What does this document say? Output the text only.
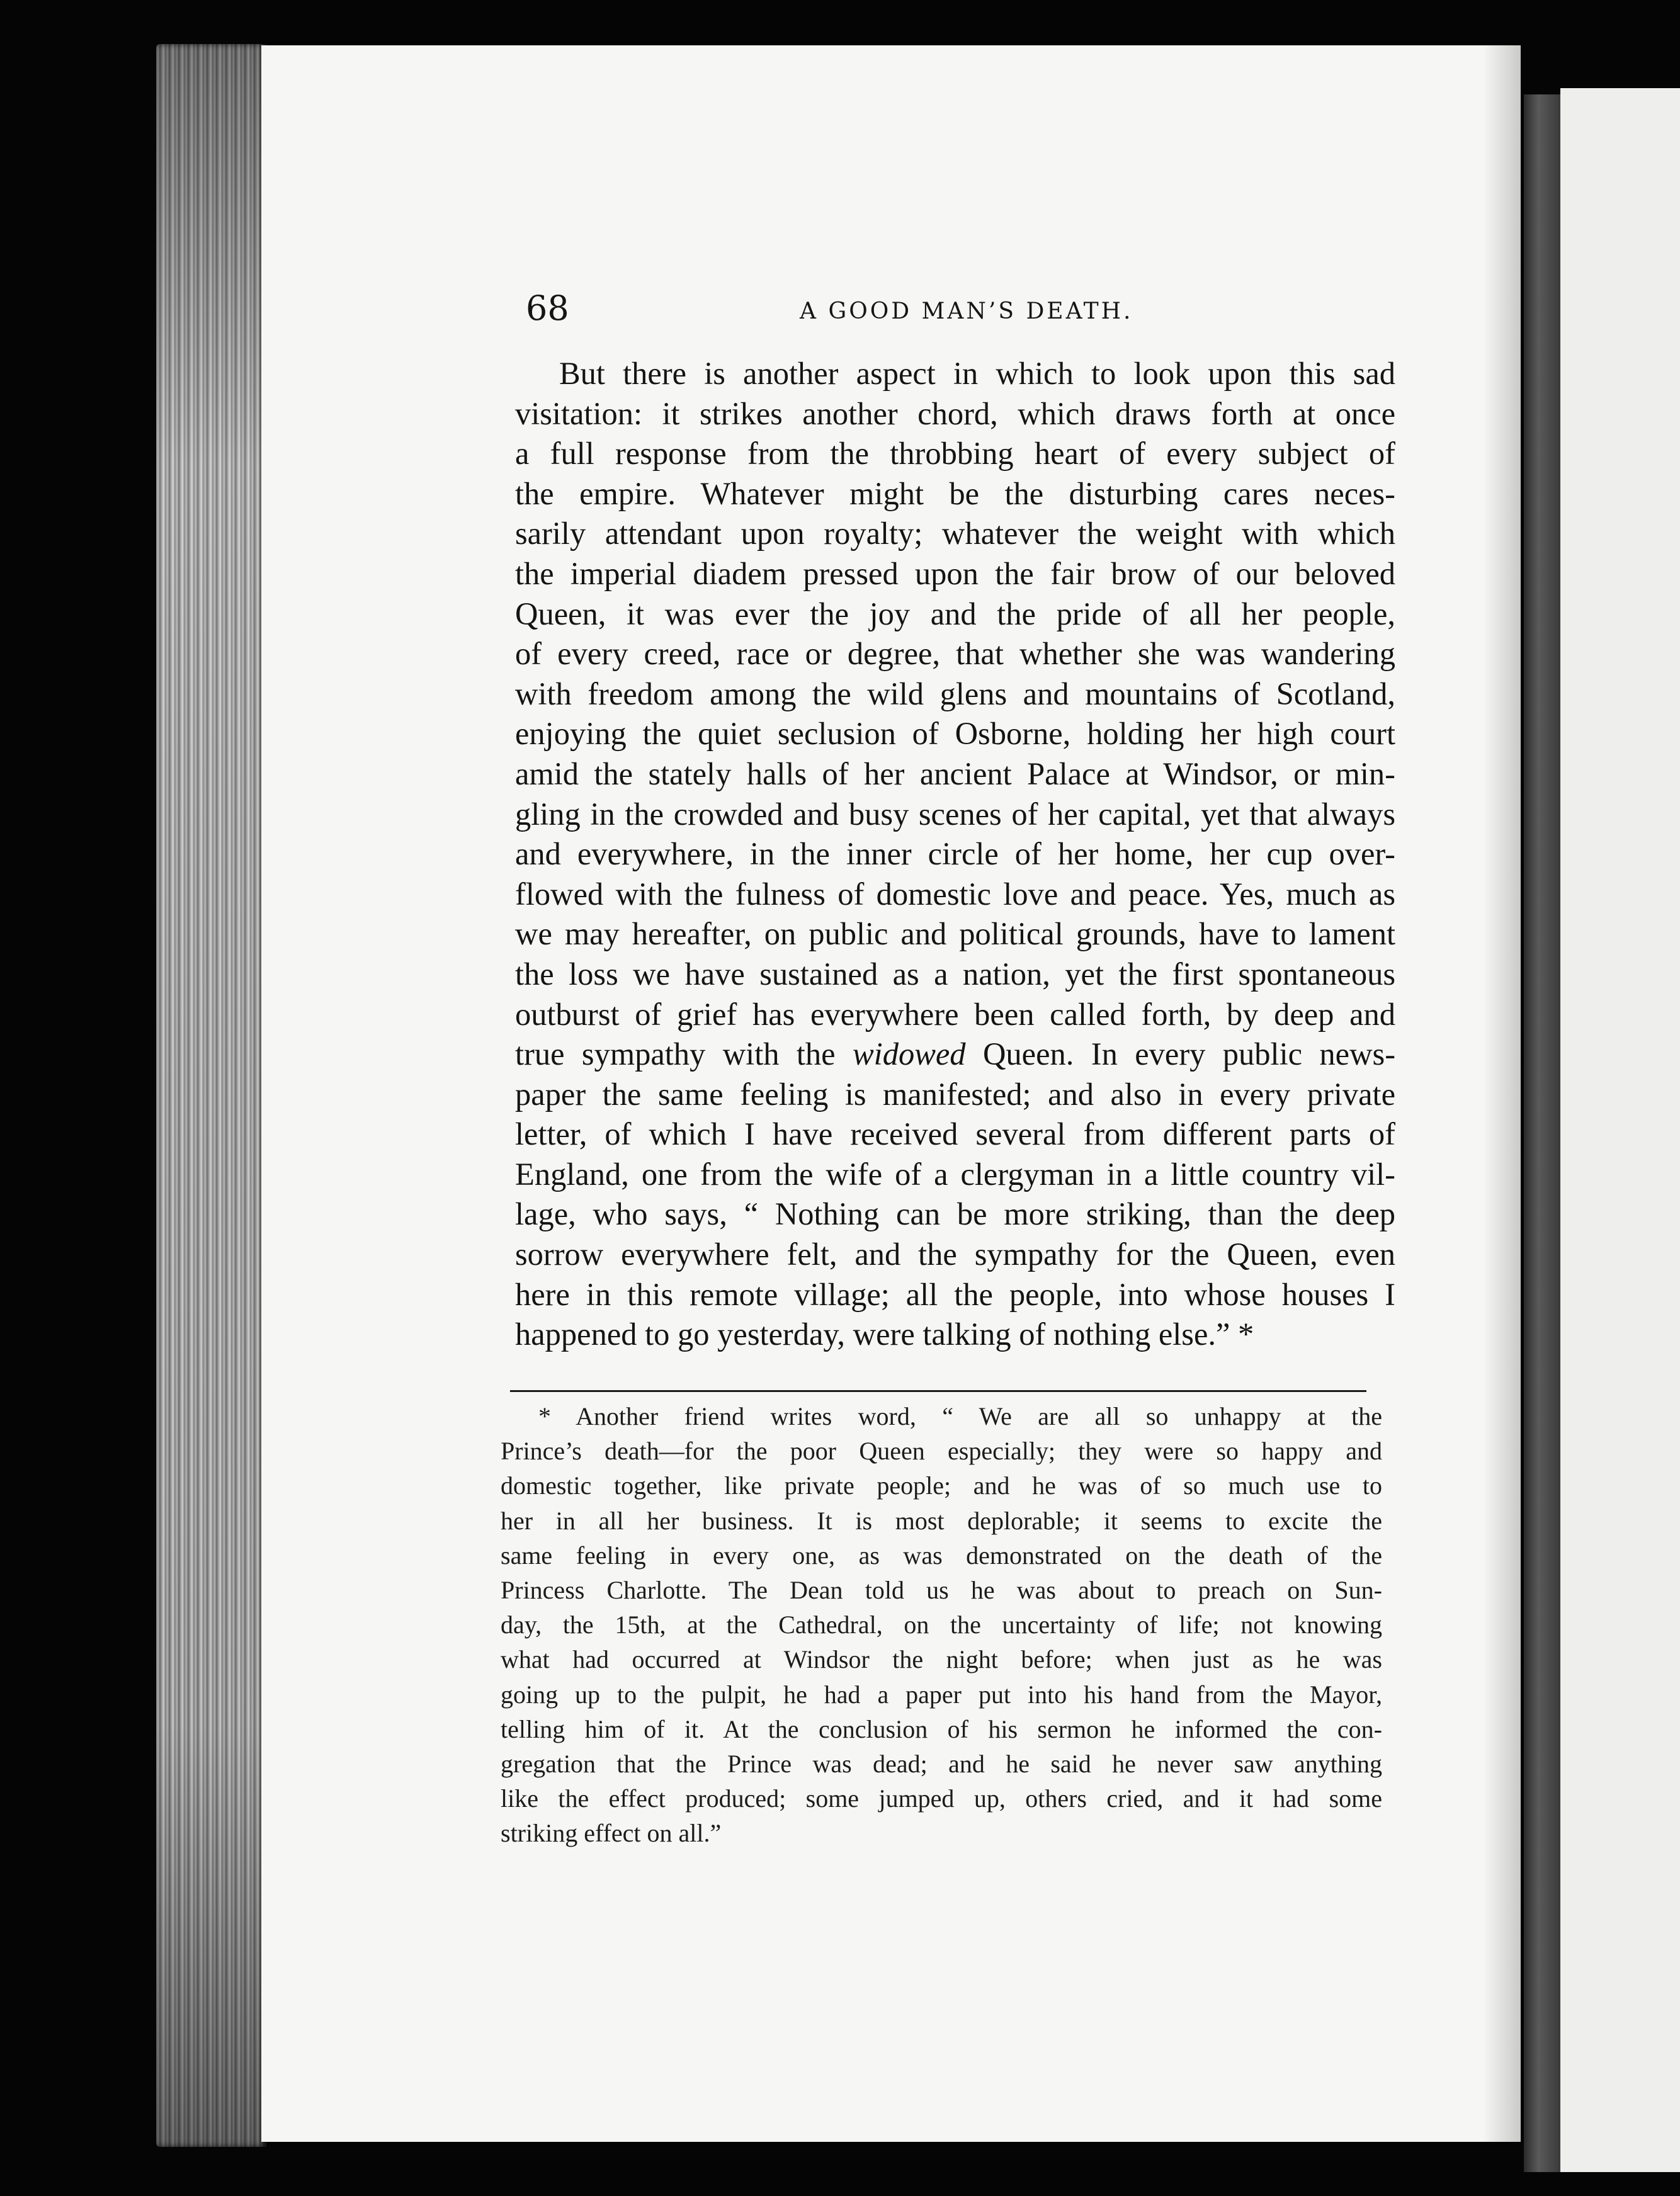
68	A GOOD MAN’S DEATH.
But there is another aspect in which to look upon this sad
visitation: it strikes another chord, which draws forth at once
a full response from the throbbing heart of every subject of
the empire. Whatever might be the disturbing cares neces-
sarily attendant upon royalty; whatever the weight with which
the imperial diadem pressed upon the fair brow of our beloved
Queen, it was ever the joy and the pride of all her people,
of every creed, race or degree, that whether she was wandering
with freedom among the wild glens and mountains of Scotland,
enjoying the quiet seclusion of Osborne, holding her high court
amid the stately halls of her ancient Palace at Windsor, or min-
gling in the crowded and busy scenes of her capital, yet that always
and everywhere, in the inner circle of her home, her cup over-
flowed with the fulness of domestic love and peace. Yes, much as
we may hereafter, on public and political grounds, have to lament
the loss we have sustained as a nation, yet the first spontaneous
outburst of grief has everywhere been called forth, by deep and
true sympathy with the widowed Queen. In every public news-
paper the same feeling is manifested; and also in every private
letter, of which I have received several from different parts of
England, one from the wife of a clergyman in a little country vil-
lage, who says, “ Nothing can be more striking, than the deep
sorrow everywhere felt, and the sympathy for the Queen, even
here in this remote village; all the people, into whose houses I
happened to go yesterday, were talking of nothing else.” *
* Another friend writes word, “ We are all so unhappy at the
Prince’s death—for the poor Queen especially; they were so happy and
domestic together, like private people; and he was of so much use to
her in all her business. It is most deplorable; it seems to excite the
same feeling in every one, as was demonstrated on the death of the
Princess Charlotte. The Dean told us he was about to preach on Sun-
day, the 15th, at the Cathedral, on the uncertainty of life; not knowing
what had occurred at Windsor the night before; when just as he was
going up to the pulpit, he had a paper put into his hand from the Mayor,
telling him of it. At the conclusion of his sermon he informed the con-
gregation that the Prince was dead; and he said he never saw anything
like the effect produced; some jumped up, others cried, and it had some
striking effect on all.”
